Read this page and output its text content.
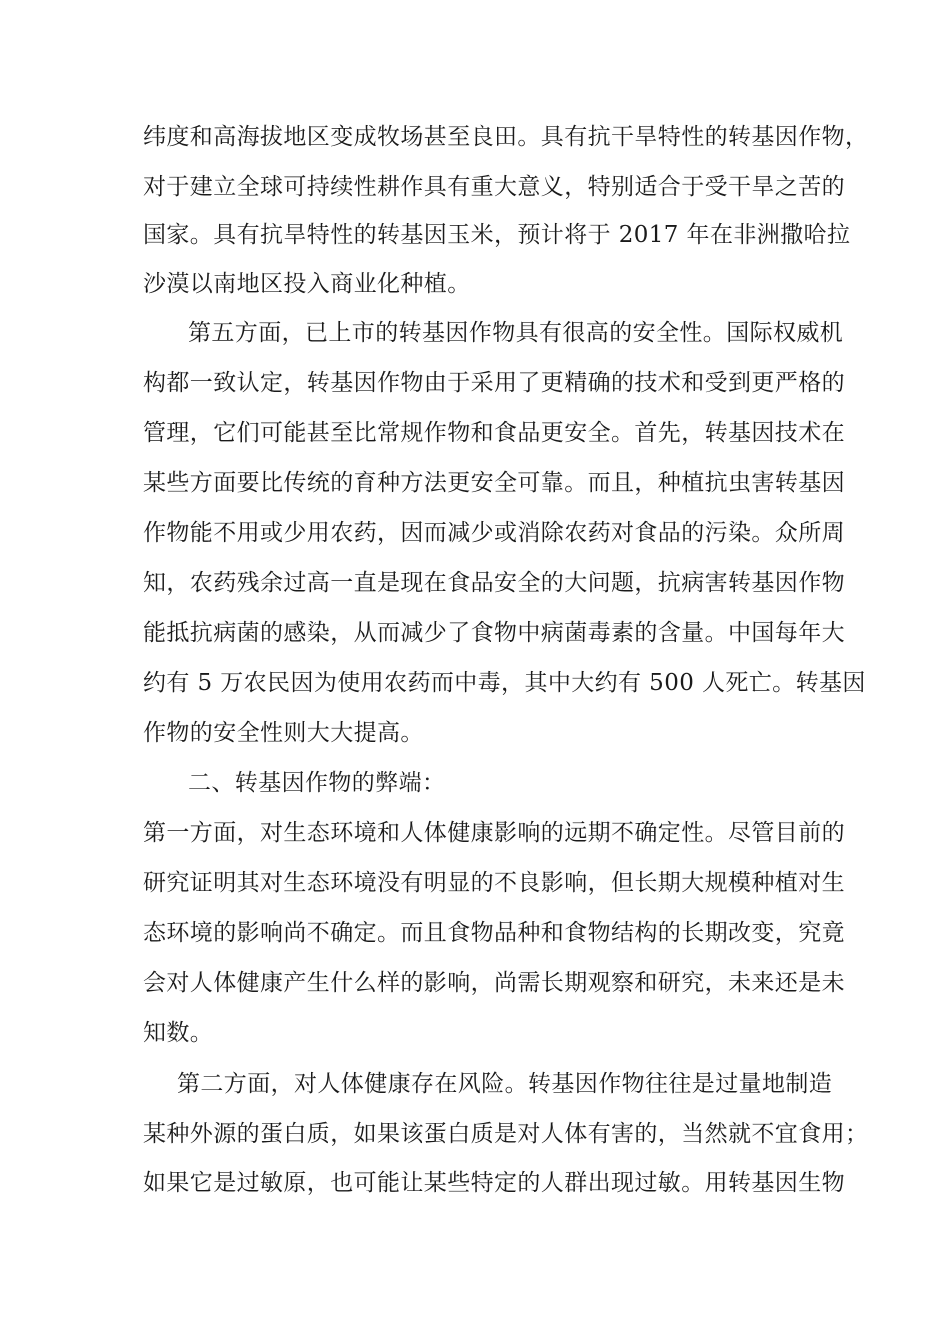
纬度和高海拔地区变成牧场甚至良田。具有抗干旱特性的转基因作物，
对于建立全球可持续性耕作具有重大意义，特别适合于受干旱之苦的
国家。具有抗旱特性的转基因玉米，预计将于 2017 年在非洲撒哈拉
沙漠以南地区投入商业化种植。
第五方面，已上市的转基因作物具有很高的安全性。国际权威机
构都一致认定，转基因作物由于采用了更精确的技术和受到更严格的
管理，它们可能甚至比常规作物和食品更安全。首先，转基因技术在
某些方面要比传统的育种方法更安全可靠。而且，种植抗虫害转基因
作物能不用或少用农药，因而减少或消除农药对食品的污染。众所周
知，农药残余过高一直是现在食品安全的大问题，抗病害转基因作物
能抵抗病菌的感染，从而减少了食物中病菌毒素的含量。中国每年大
约有 5 万农民因为使用农药而中毒，其中大约有 500 人死亡。转基因
作物的安全性则大大提高。
二、转基因作物的弊端：
第一方面，对生态环境和人体健康影响的远期不确定性。尽管目前的
研究证明其对生态环境没有明显的不良影响，但长期大规模种植对生
态环境的影响尚不确定。而且食物品种和食物结构的长期改变，究竟
会对人体健康产生什么样的影响，尚需长期观察和研究，未来还是未
知数。
第二方面，对人体健康存在风险。转基因作物往往是过量地制造
某种外源的蛋白质，如果该蛋白质是对人体有害的，当然就不宜食用；
如果它是过敏原，也可能让某些特定的人群出现过敏。用转基因生物
